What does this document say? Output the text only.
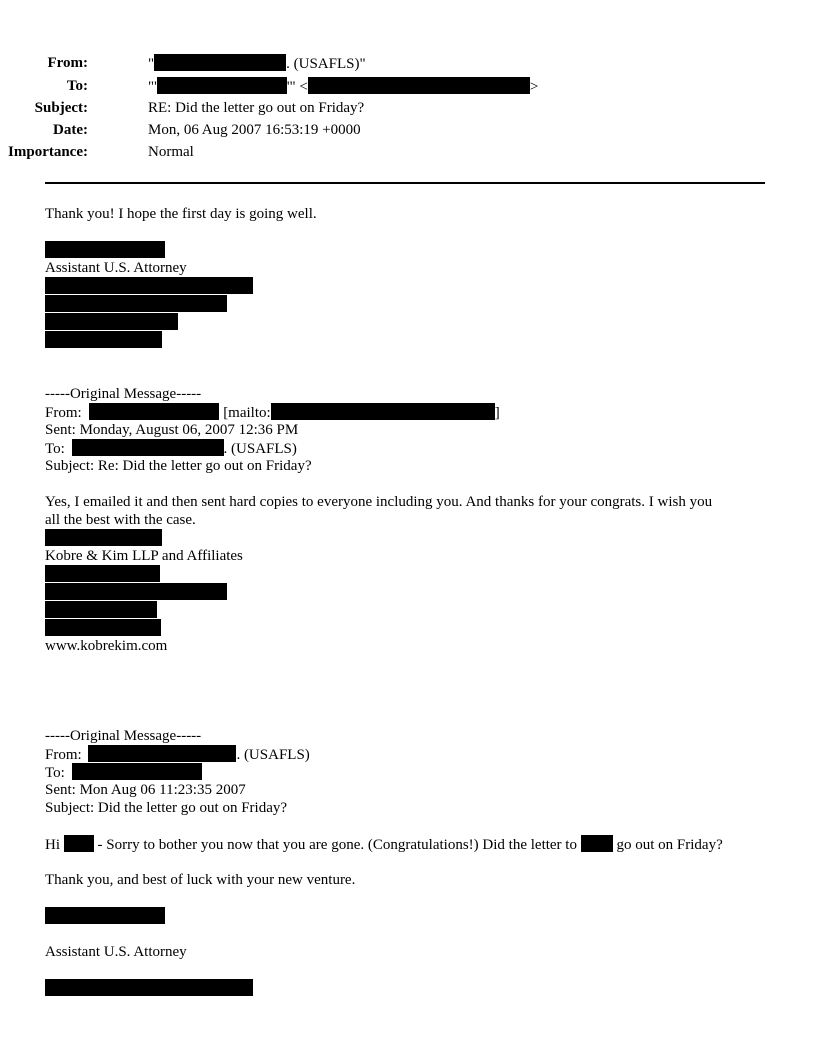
From:	"	. (USAFLS)"
To:	"'	'" <	>
Subject:	RE: Did the letter go out on Friday?
Date:	Mon, 06 Aug 2007 16:53:19 +0000
Importance:	Normal
Thank you! I hope the first day is going well.
Assistant U.S. Attorney
-----Original Message-----
From:	[mailto:	]
Sent: Monday, August 06, 2007 12:36 PM
To:	. (USAFLS)
Subject: Re: Did the letter go out on Friday?
Yes, I emailed it and then sent hard copies to everyone including you. And thanks for your congrats. I wish you
all the best with the case.
Kobre & Kim LLP and Affiliates
www.kobrekim.com
-----Original Message-----
From:	. (USAFLS)
To:
Sent: Mon Aug 06 11:23:35 2007
Subject: Did the letter go out on Friday?
Hi	- Sorry to bother you now that you are gone. (Congratulations!) Did the letter to	go out on Friday?
Thank you, and best of luck with your new venture.
Assistant U.S. Attorney
